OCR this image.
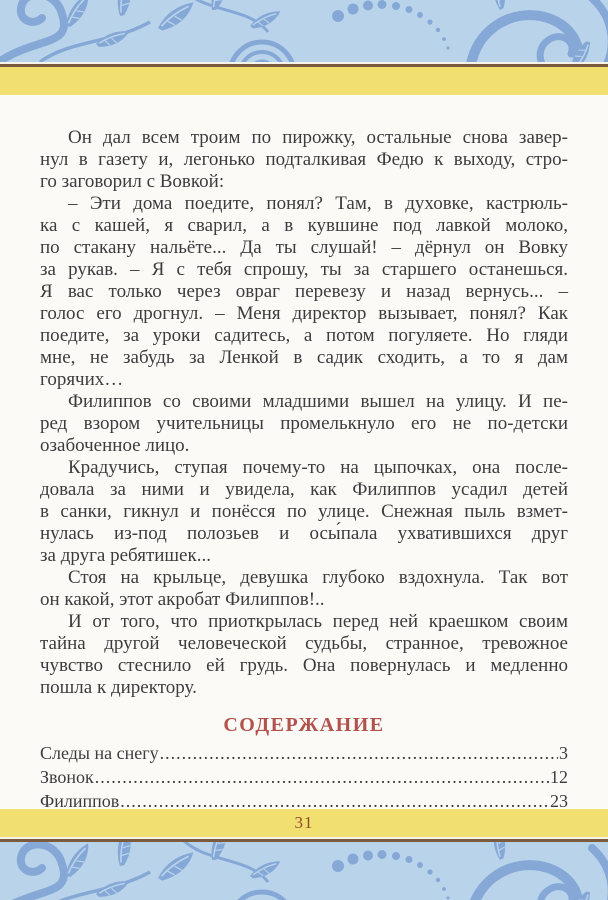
Он дал всем троим по пирожку, остальные снова завер-
нул в газету и, легонько подталкивая Федю к выходу, стро-
го заговорил с Вовкой:
– Эти дома поедите, понял? Там, в духовке, кастрюль-
ка с кашей, я сварил, а в кувшине под лавкой молоко,
по стакану нальёте... Да ты слушай! – дёрнул он Вовку
за рукав. – Я с тебя спрошу, ты за старшего останешься.
Я вас только через овраг перевезу и назад вернусь... –
голос его дрогнул. – Меня директор вызывает, понял? Как
поедите, за уроки садитесь, а потом погуляете. Но гляди
мне, не забудь за Ленкой в садик сходить, а то я дам
горячих…
Филиппов со своими младшими вышел на улицу. И пе-
ред взором учительницы промелькнуло его не по-детски
озабоченное лицо.
Крадучись, ступая почему-то на цыпочках, она после-
довала за ними и увидела, как Филиппов усадил детей
в санки, гикнул и понёсся по улице. Снежная пыль взмет-
нулась из-под полозьев и осы́пала ухватившихся друг
за друга ребятишек...
Стоя на крыльце, девушка глубоко вздохнула. Так вот
он какой, этот акробат Филиппов!..
И от того, что приоткрылась перед ней краешком своим
тайна другой человеческой судьбы, странное, тревожное
чувство стеснило ей грудь. Она повернулась и медленно
пошла к директору.
СОДЕРЖАНИЕ
Следы на снегу .....	3
Звонок .....	12
Филиппов .....	23
31
